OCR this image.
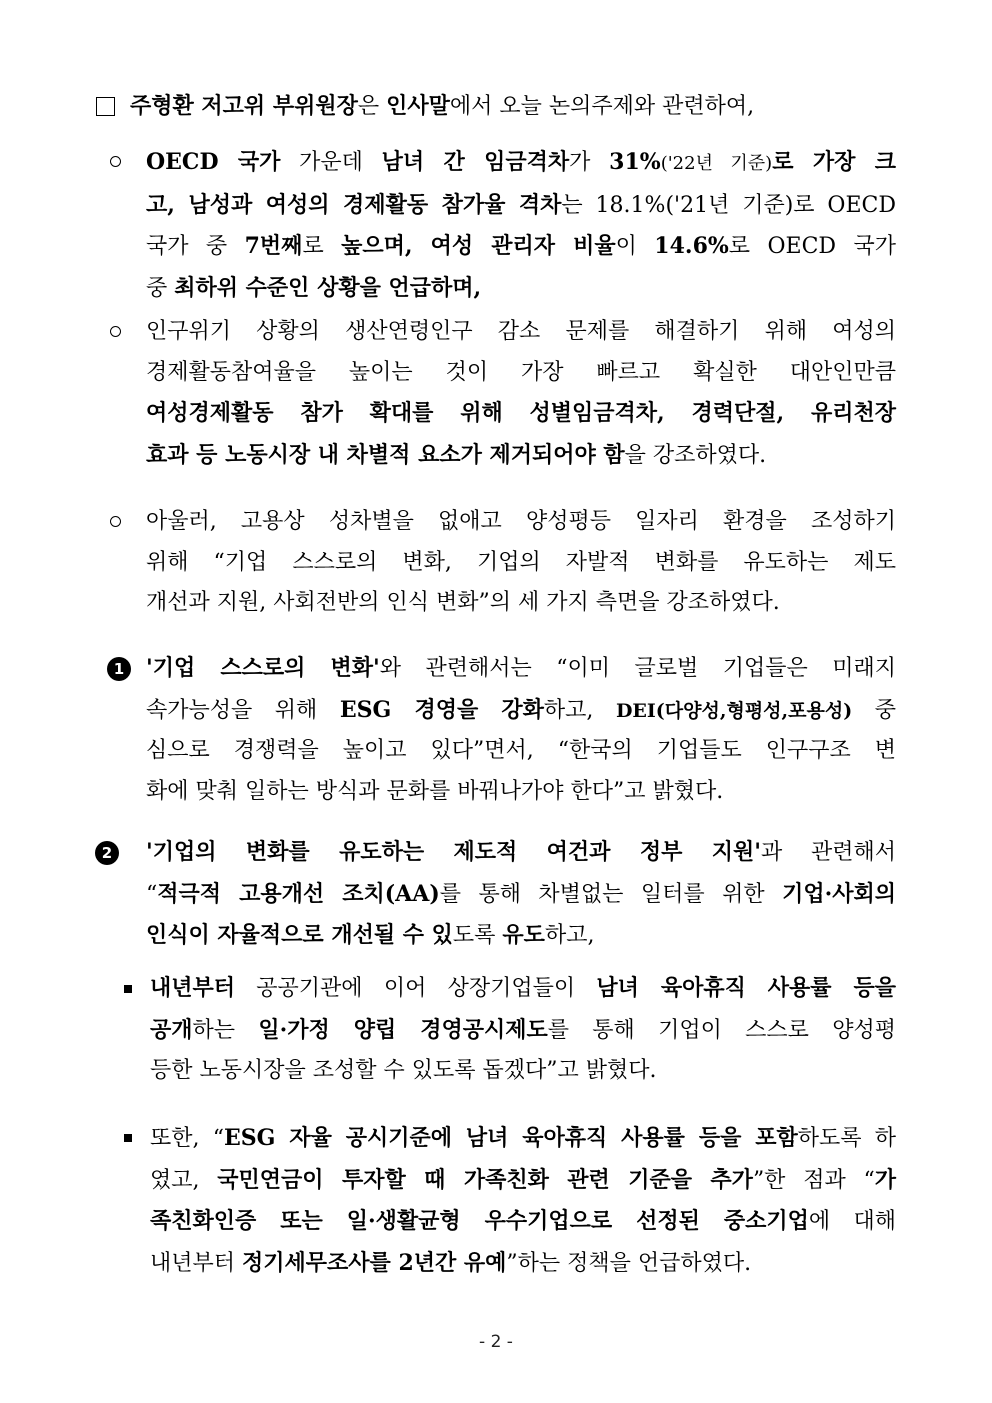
주형환 저고위 부위원장은 인사말에서 오늘 논의주제와 관련하여,
OECD 국가 가운데 남녀 간 임금격차가 31%('22년 기준)로 가장 크
고, 남성과 여성의 경제활동 참가율 격차는 18.1%('21년 기준)로 OECD
국가 중 7번째로 높으며, 여성 관리자 비율이 14.6%로 OECD 국가
중 최하위 수준인 상황을 언급하며,
인구위기 상황의 생산연령인구 감소 문제를 해결하기 위해 여성의
경제활동참여율을 높이는 것이 가장 빠르고 확실한 대안인만큼
여성경제활동 참가 확대를 위해 성별임금격차, 경력단절, 유리천장
효과 등 노동시장 내 차별적 요소가 제거되어야 함을 강조하였다.
아울러, 고용상 성차별을 없애고 양성평등 일자리 환경을 조성하기
위해 “기업 스스로의 변화, 기업의 자발적 변화를 유도하는 제도
개선과 지원, 사회전반의 인식 변화”의 세 가지 측면을 강조하였다.
1 '기업 스스로의 변화'와 관련해서는 “이미 글로벌 기업들은 미래지
속가능성을 위해 ESG 경영을 강화하고, DEI(다양성,형평성,포용성) 중
심으로 경쟁력을 높이고 있다”면서, “한국의 기업들도 인구구조 변
화에 맞춰 일하는 방식과 문화를 바꿔나가야 한다”고 밝혔다.
2	'기업의 변화를 유도하는 제도적 여건과 정부 지원'과 관련해서
“적극적 고용개선 조치(AA)를 통해 차별없는 일터를 위한 기업·사회의
인식이 자율적으로 개선될 수 있도록 유도하고,
내년부터 공공기관에 이어 상장기업들이 남녀 육아휴직 사용률 등을
공개하는 일·가정 양립 경영공시제도를 통해 기업이 스스로 양성평
등한 노동시장을 조성할 수 있도록 돕겠다”고 밝혔다.
또한, “ESG 자율 공시기준에 남녀 육아휴직 사용률 등을 포함하도록 하
였고, 국민연금이 투자할 때 가족친화 관련 기준을 추가”한 점과 “가
족친화인증 또는 일·생활균형 우수기업으로 선정된 중소기업에 대해
내년부터 정기세무조사를 2년간 유예”하는 정책을 언급하였다.
- 2 -
